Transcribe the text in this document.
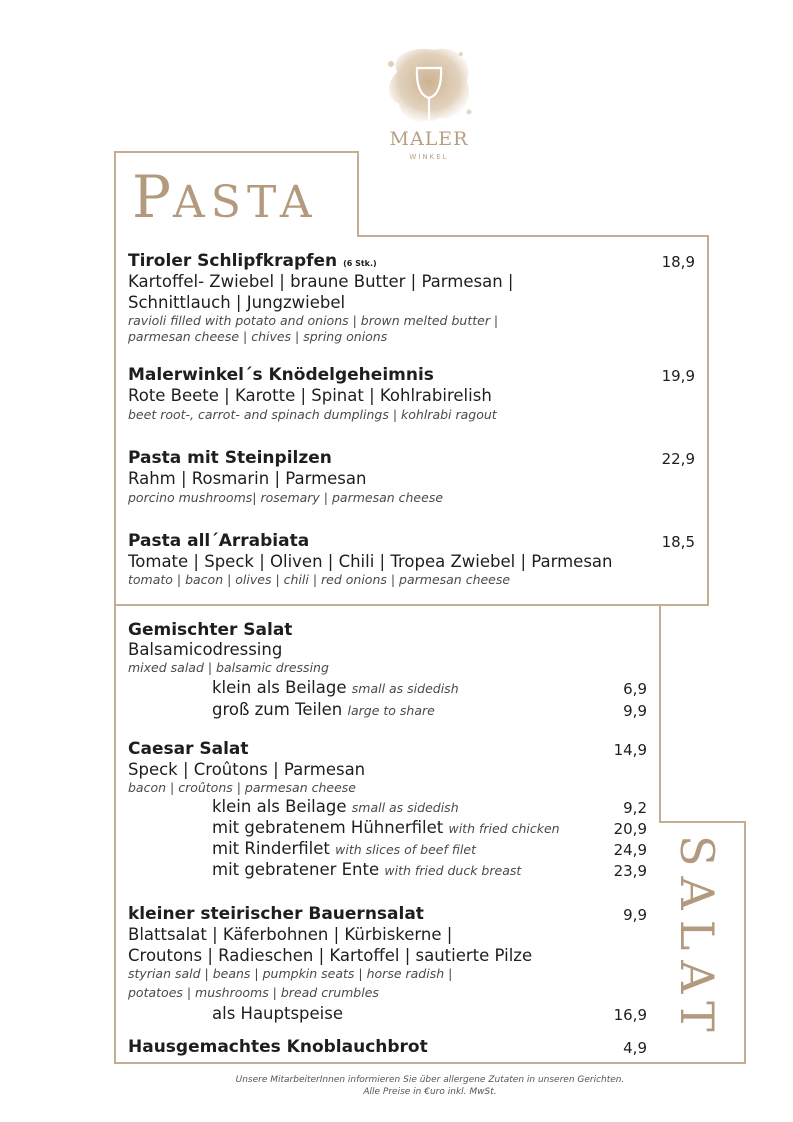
MALER
WINKEL
PASTA
SALAT
Tiroler Schlipfkrapfen (6 Stk.)	18,9
Kartoffel- Zwiebel | braune Butter | Parmesan |
Schnittlauch | Jungzwiebel
ravioli filled with potato and onions | brown melted butter |
parmesan cheese | chives | spring onions
Malerwinkel´s Knödelgeheimnis	19,9
Rote Beete | Karotte | Spinat | Kohlrabirelish
beet root-, carrot- and spinach dumplings | kohlrabi ragout
Pasta mit Steinpilzen	22,9
Rahm | Rosmarin | Parmesan
porcino mushrooms| rosemary | parmesan cheese
Pasta all´Arrabiata	18,5
Tomate | Speck | Oliven | Chili | Tropea Zwiebel | Parmesan
tomato | bacon | olives | chili | red onions | parmesan cheese
Gemischter Salat
Balsamicodressing
mixed salad | balsamic dressing
klein als Beilage small as sidedish	6,9
groß zum Teilen large to share	9,9
Caesar Salat	14,9
Speck | Croûtons | Parmesan
bacon | croûtons | parmesan cheese
klein als Beilage small as sidedish	9,2
mit gebratenem Hühnerfilet with fried chicken	20,9
mit Rinderfilet with slices of beef filet	24,9
mit gebratener Ente with fried duck breast	23,9
kleiner steirischer Bauernsalat	9,9
Blattsalat | Käferbohnen | Kürbiskerne |
Croutons | Radieschen | Kartoffel | sautierte Pilze
styrian sald | beans | pumpkin seats | horse radish |
potatoes | mushrooms | bread crumbles
als Hauptspeise	16,9
Hausgemachtes Knoblauchbrot	4,9
Unsere MitarbeiterInnen informieren Sie über allergene Zutaten in unseren Gerichten.
Alle Preise in €uro inkl. MwSt.
